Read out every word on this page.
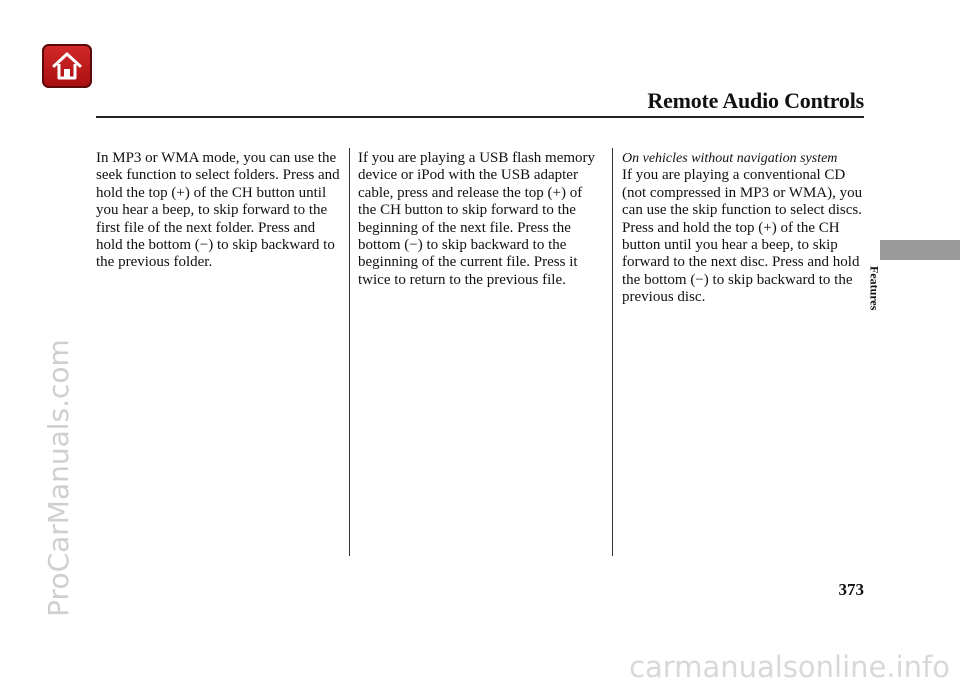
Remote Audio Controls

In MP3 or WMA mode, you can use the seek function to select folders. Press and hold the top (+) of the CH button until you hear a beep, to skip forward to the first file of the next folder. Press and hold the bottom (−) to skip backward to the previous folder.

If you are playing a USB flash memory device or iPod with the USB adapter cable, press and release the top (+) of the CH button to skip forward to the beginning of the next file. Press the bottom (−) to skip backward to the beginning of the current file. Press it twice to return to the previous file.

On vehicles without navigation system

If you are playing a conventional CD (not compressed in MP3 or WMA), you can use the skip function to select discs. Press and hold the top (+) of the CH button until you hear a beep, to skip forward to the next disc. Press and hold the bottom (−) to skip backward to the previous disc.	Features
373
ProCarManuals.com
carmanualsonline.info
